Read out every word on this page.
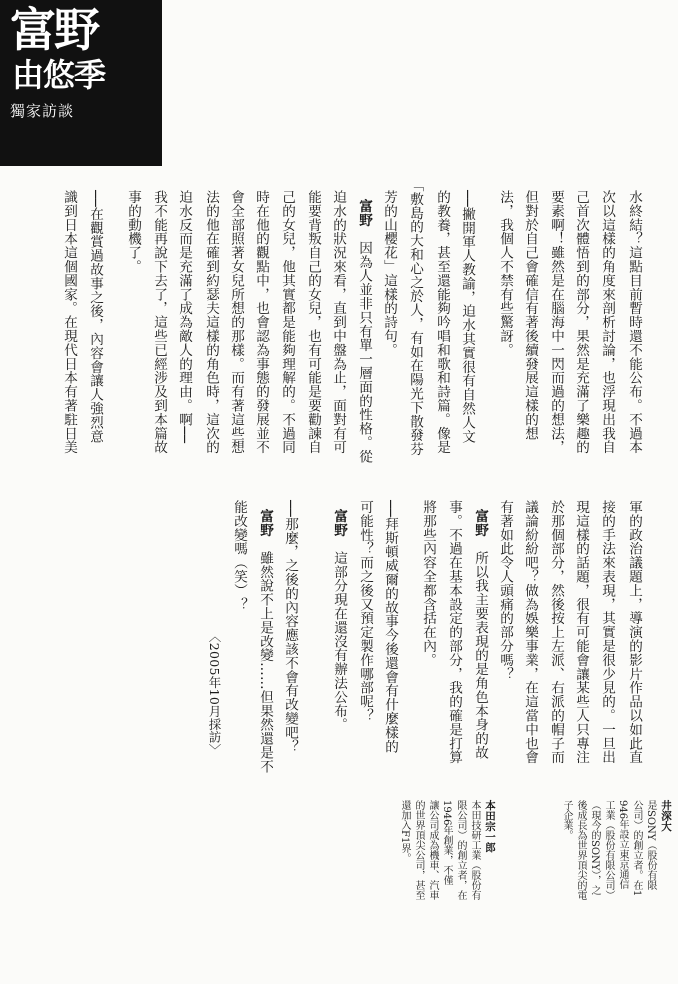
富野
由悠季
獨家訪談
水終結？這點目前暫時還不能公布。不過本
次以這樣的角度來剖析討論，也浮現出我自
己首次體悟到的部分，果然是充滿了樂趣的
要素啊！雖然是在腦海中一閃而過的想法，
但對於自己會確信有著後續發展這樣的想
法，我個人不禁有些驚訝。
──撇開軍人教諭，迫水其實很有自然人文
的教養，甚至還能夠吟唱和歌和詩篇。像是
「敷島的大和心之於人，有如在陽光下散發芬
芳的山櫻花」這樣的詩句。

富野　因為人並非只有單一層面的性格。從

迫水的狀況來看，直到中盤為止，面對有可
能要背叛自己的女兒，也有可能是要勸諫自
己的女兒，他其實都是能夠理解的。不過同
時在他的觀點中，也會認為事態的發展並不
會全部照著女兒所想的那樣。而有著這些想
法的他在確到約瑟夫這樣的角色時，這次的
迫水反而是充滿了成為敵人的理由。啊──
我不能再說下去了，這些已經涉及到本篇故
事的動機了。
──在觀賞過故事之後，內容會讓人強烈意
識到日本這個國家。在現代日本有著駐日美
軍的政治議題上，導演的影片作品以如此直
接的手法來表現，其實是很少見的。一旦出
現這樣的話題，很有可能會讓某些人只專注
於那個部分，然後按上左派、右派的帽子而
議論紛紛吧？做為娛樂事業，在這當中也會
有著如此令人頭痛的部分嗎？

富野　所以我主要表現的是角色本身的故

事。不過在基本設定的部分，我的確是打算
將那些內容全都含括在內。
──拜斯頓威爾的故事今後還會有什麼樣的
可能性？而之後又預定製作哪部呢？

富野　這部分現在還沒有辦法公布。

──那麼，之後的內容應該不會有改變吧？

富野　雖然說不上是改變……但果然還是不

能改變嗎（笑）？
〈2005年10月採訪〉
井深大
是SONY（股份有限
公司）的創立者。在1
946年設立東京通信
工業（股份有限公司）
（現今的SONY），之
後成長為世界頂尖的電
子企業。
本田宗一郎
本田技研工業（股份有
限公司）的創立者，在
1946年創業，不僅
讓公司成為機車、汽車
的世界頂尖公司，甚至
還加入F1界。
